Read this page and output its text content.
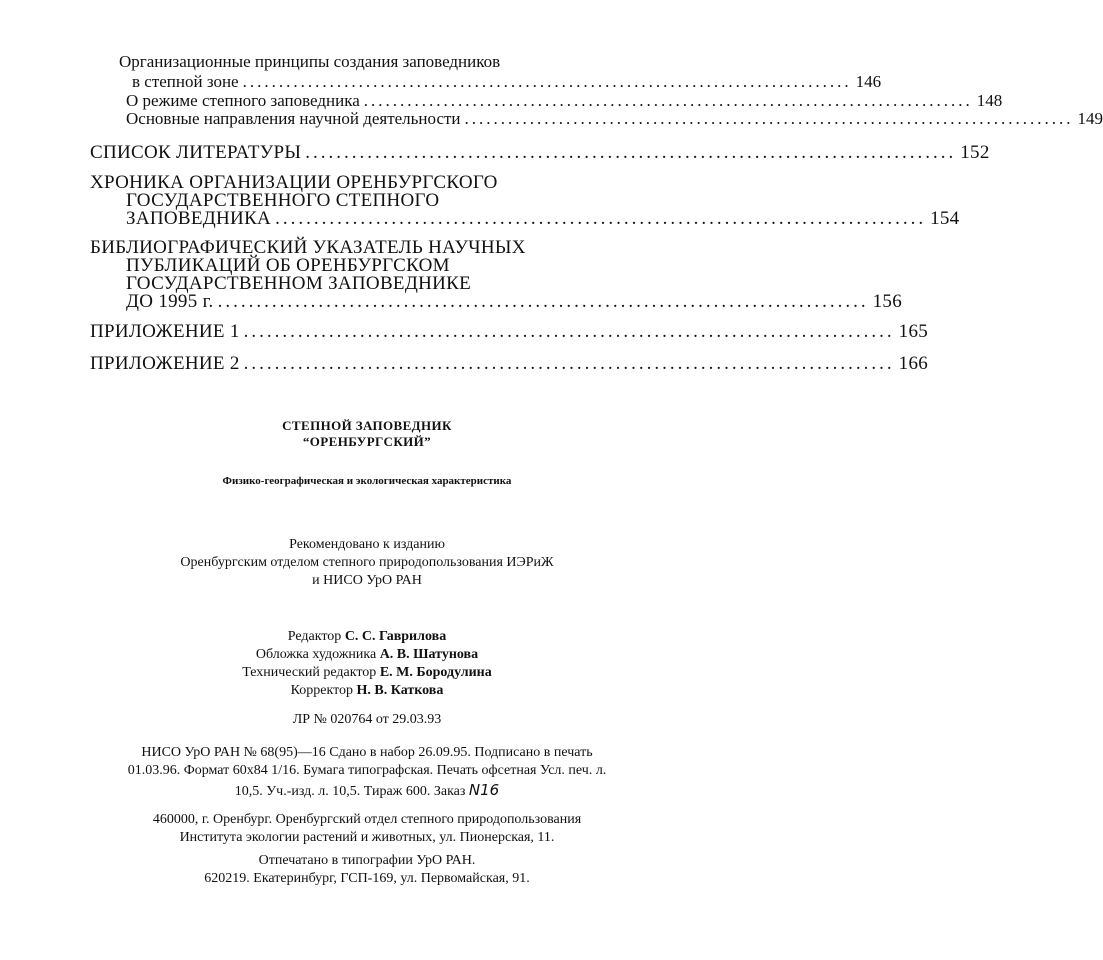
Организационные принципы создания заповедников
в степной зоне .................................................................................... 146
О режиме степного заповедника .................................................................................... 148
Основные направления научной деятельности .................................................................................... 149
СПИСОК ЛИТЕРАТУРЫ .................................................................................... 152
ХРОНИКА ОРГАНИЗАЦИИ ОРЕНБУРГСКОГО
ГОСУДАРСТВЕННОГО СТЕПНОГО
ЗАПОВЕДНИКА .................................................................................... 154
БИБЛИОГРАФИЧЕСКИЙ УКАЗАТЕЛЬ НАУЧНЫХ
ПУБЛИКАЦИЙ ОБ ОРЕНБУРГСКОМ
ГОСУДАРСТВЕННОМ ЗАПОВЕДНИКЕ
ДО 1995 г. .................................................................................... 156
ПРИЛОЖЕНИЕ 1 .................................................................................... 165
ПРИЛОЖЕНИЕ 2 .................................................................................... 166
СТЕПНОЙ ЗАПОВЕДНИК
“ОРЕНБУРГСКИЙ”
Физико-географическая и экологическая характеристика
Рекомендовано к изданию
Оренбургским отделом степного природопользования ИЭРиЖ
и НИСО УрО РАН
Редактор С. С. Гаврилова
Обложка художника А. В. Шатунова
Технический редактор Е. М. Бородулина
Корректор Н. В. Каткова
ЛР № 020764 от 29.03.93
НИСО УрО РАН № 68(95)—16 Сдано в набор 26.09.95. Подписано в печать
01.03.96. Формат 60х84 1/16. Бумага типографская. Печать офсетная Усл. печ. л.
10,5. Уч.-изд. л. 10,5. Тираж 600. Заказ N16
460000, г. Оренбург. Оренбургский отдел степного природопользования
Института экологии растений и животных, ул. Пионерская, 11.
Отпечатано в типографии УрО РАН.
620219. Екатеринбург, ГСП-169, ул. Первомайская, 91.
